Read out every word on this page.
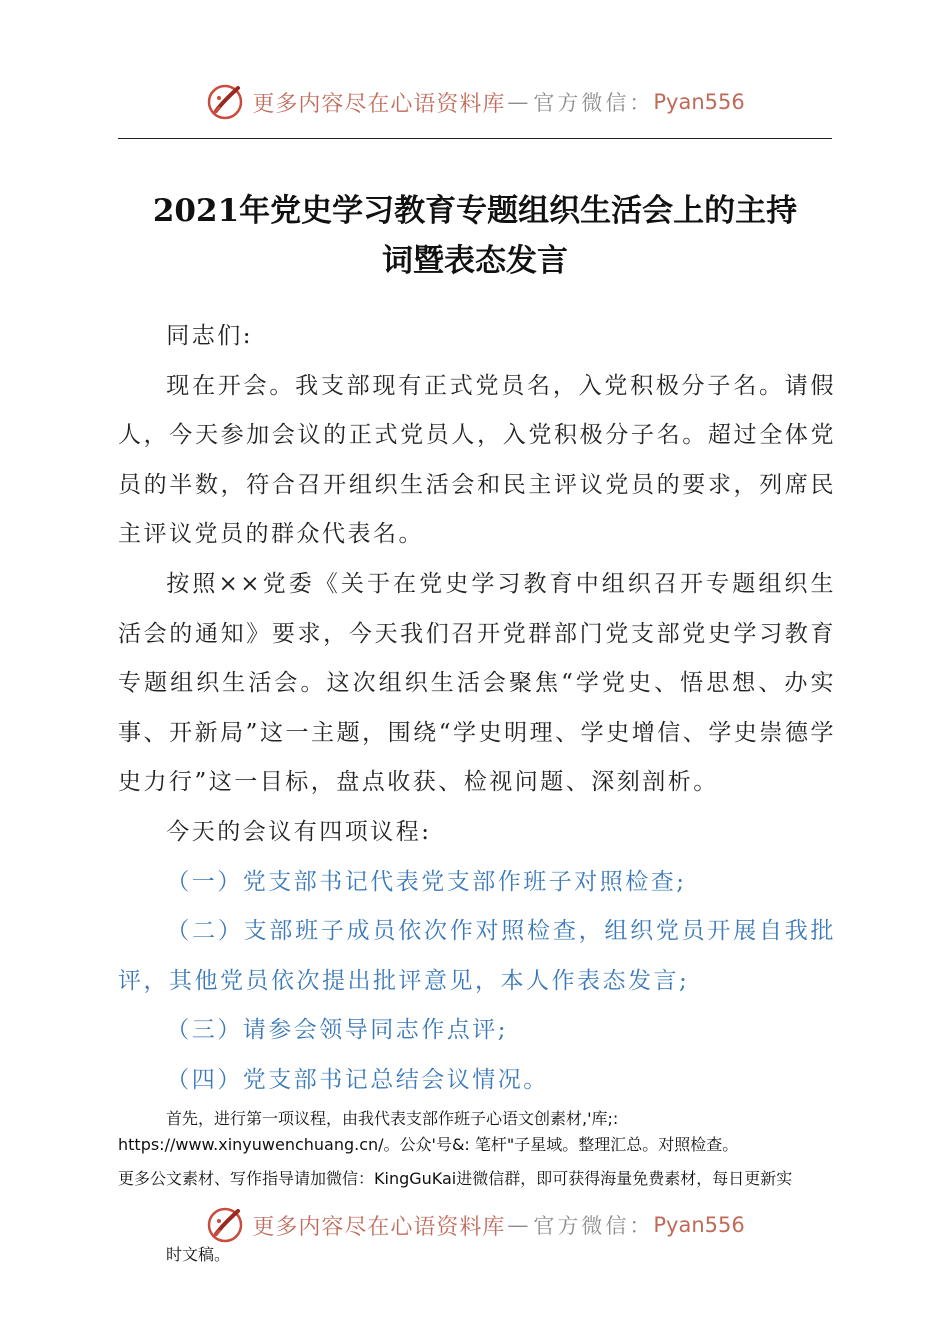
更多内容尽在心语资料库—官方微信：Pyan556
2021年党史学习教育专题组织生活会上的主持
词暨表态发言

同志们:

现在开会。我支部现有正式党员名，入党积极分子名。请假人，今天参加会议的正式党员人，入党积极分子名。超过全体党员的半数，符合召开组织生活会和民主评议党员的要求，列席民主评议党员的群众代表名。

按照××党委《关于在党史学习教育中组织召开专题组织生活会的通知》要求，今天我们召开党群部门党支部党史学习教育专题组织生活会。这次组织生活会聚焦“学党史、悟思想、办实事、开新局”这一主题，围绕“学史明理、学史增信、学史崇德学史力行”这一目标，盘点收获、检视问题、深刻剖析。

今天的会议有四项议程:

（一）党支部书记代表党支部作班子对照检查;

（二）支部班子成员依次作对照检查，组织党员开展自我批评，其他党员依次提出批评意见，本人作表态发言;

（三）请参会领导同志作点评;

（四）党支部书记总结会议情况。

首先，进行第一项议程，由我代表支部作班子心语文创素材,'库;: https://www.xinyuwenchuang.cn/。公众'号&: 笔杆"子星域。整理汇总。对照检查。
更多公文素材、写作指导请加微信：KingGuKai进微信群，即可获得海量免费素材，每日更新实
更多内容尽在心语资料库—官方微信：Pyan556
时文稿。
